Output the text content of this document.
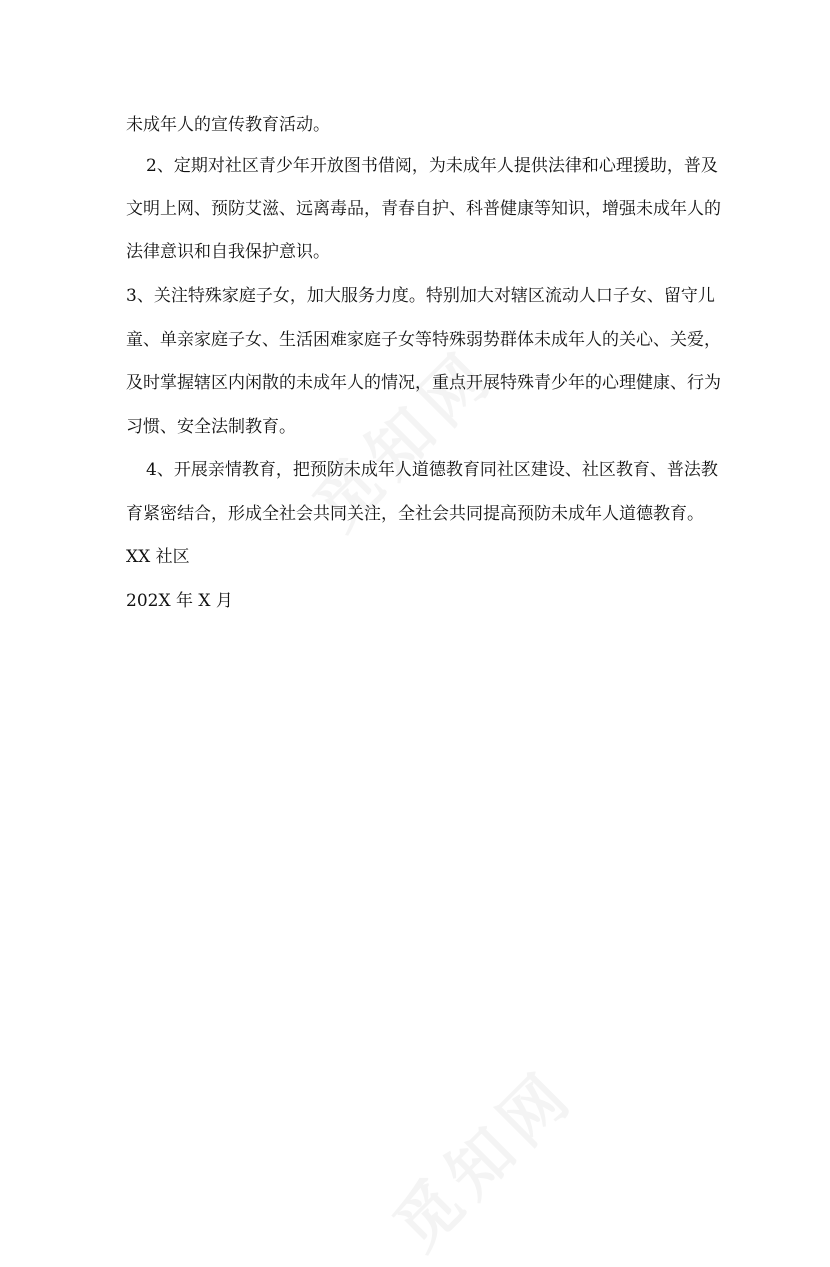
未成年人的宣传教育活动。

2、定期对社区青少年开放图书借阅，为未成年人提供法律和心理援助，普及

文明上网、预防艾滋、远离毒品，青春自护、科普健康等知识，增强未成年人的

法律意识和自我保护意识。

3、关注特殊家庭子女，加大服务力度。特别加大对辖区流动人口子女、留守儿

童、单亲家庭子女、生活困难家庭子女等特殊弱势群体未成年人的关心、关爱，

及时掌握辖区内闲散的未成年人的情况，重点开展特殊青少年的心理健康、行为

习惯、安全法制教育。

4、开展亲情教育，把预防未成年人道德教育同社区建设、社区教育、普法教

育紧密结合，形成全社会共同关注，全社会共同提高预防未成年人道德教育。

XX 社区

202X 年 X 月
